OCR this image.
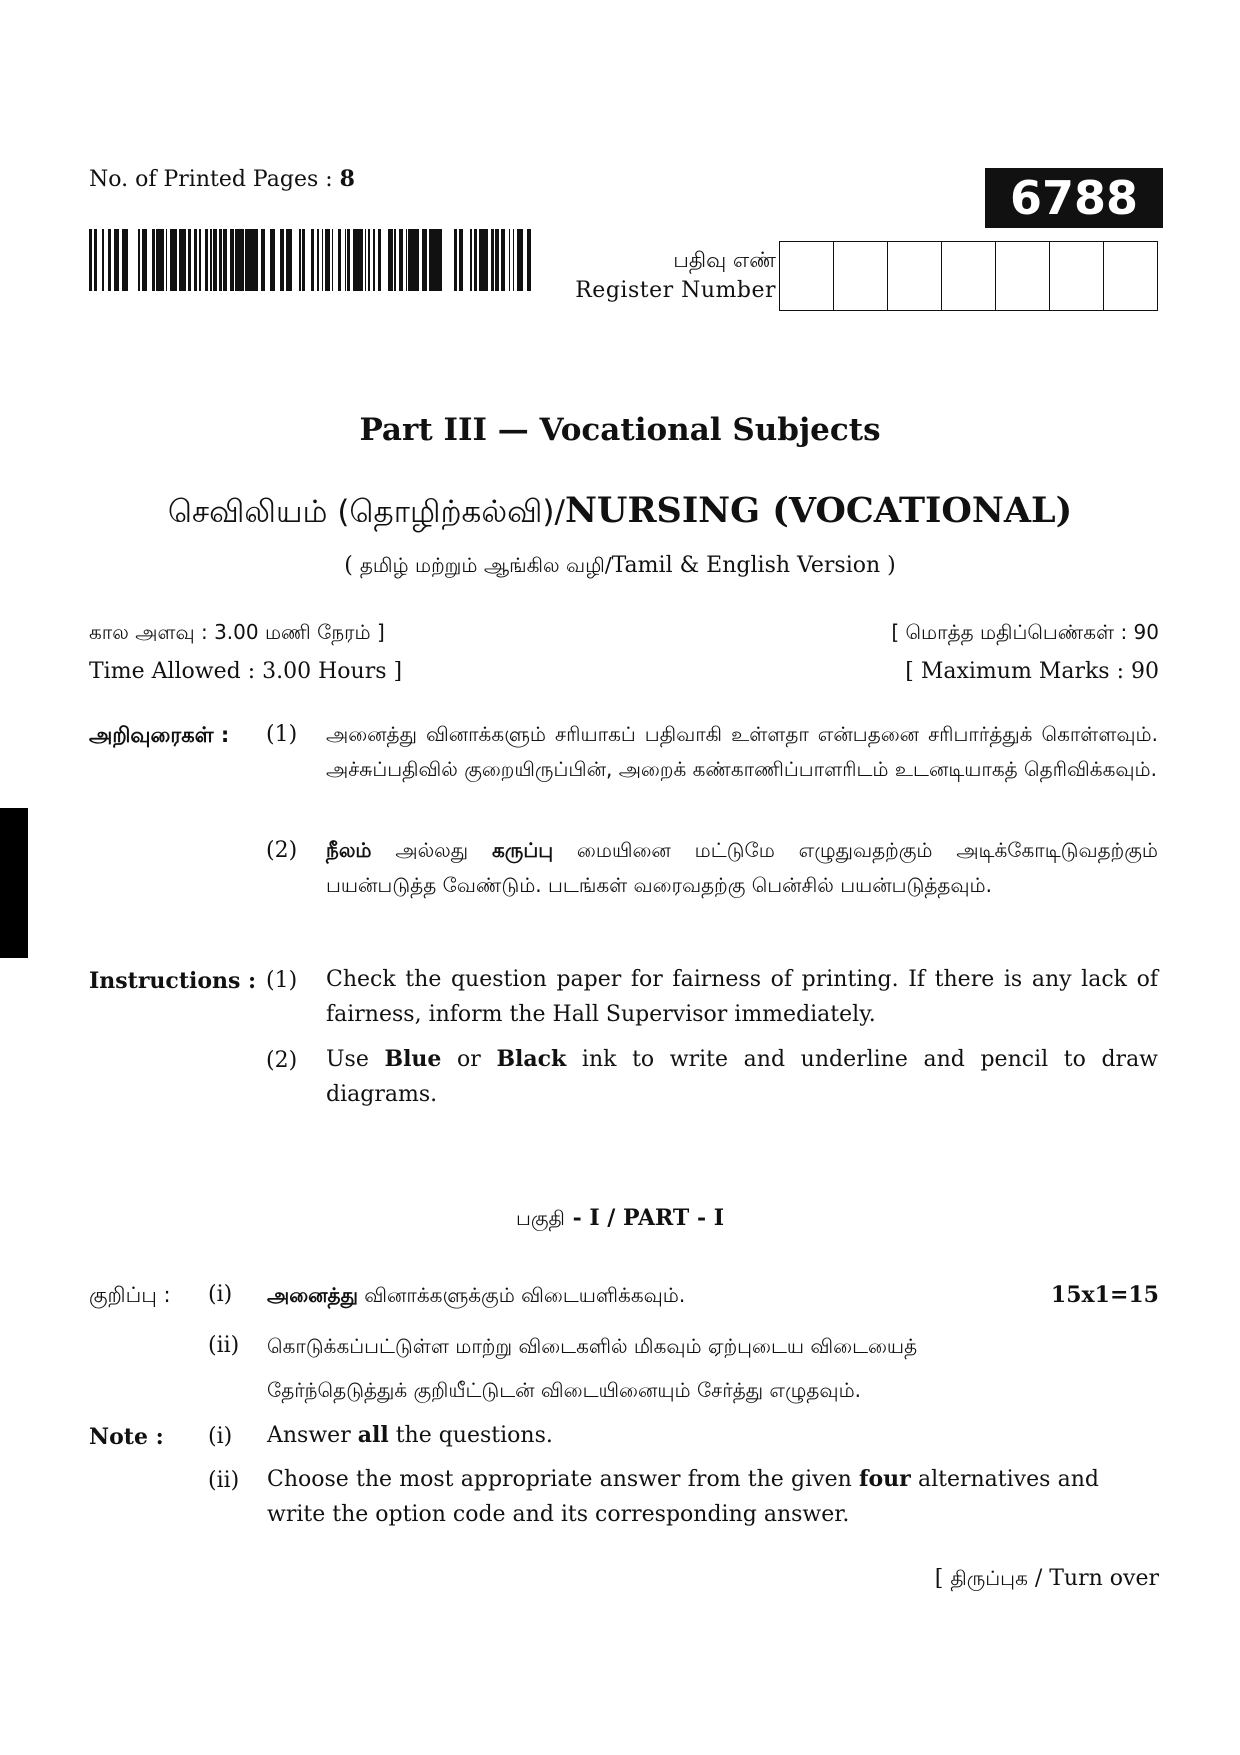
No. of Printed Pages : 8	6788
பதிவு எண்
Register Number
Part III — Vocational Subjects
செவிலியம் (தொழிற்கல்வி)/NURSING (VOCATIONAL)
( தமிழ் மற்றும் ஆங்கில வழி/Tamil & English Version )
கால அளவு : 3.00 மணி நேரம் ]	[ மொத்த மதிப்பெண்கள் : 90
Time Allowed : 3.00 Hours ]	[ Maximum Marks : 90
அறிவுரைகள் : (1) அனைத்து வினாக்களும் சரியாகப் பதிவாகி உள்ளதா என்பதனை சரிபார்த்துக் கொள்ளவும். அச்சுப்பதிவில் குறையிருப்பின், அறைக் கண்காணிப்பாளரிடம் உடனடியாகத் தெரிவிக்கவும்.
(2) நீலம் அல்லது கருப்பு மையினை மட்டுமே எழுதுவதற்கும் அடிக்கோடிடுவதற்கும் பயன்படுத்த வேண்டும். படங்கள் வரைவதற்கு பென்சில் பயன்படுத்தவும்.
Instructions : (1) Check the question paper for fairness of printing. If there is any lack of fairness, inform the Hall Supervisor immediately.
(2) Use Blue or Black ink to write and underline and pencil to draw diagrams.
பகுதி - I / PART - I
குறிப்பு : (i) அனைத்து வினாக்களுக்கும் விடையளிக்கவும்.	15x1=15
(ii) கொடுக்கப்பட்டுள்ள மாற்று விடைகளில் மிகவும் ஏற்புடைய விடையைத்
தேர்ந்தெடுத்துக் குறியீட்டுடன் விடையினையும் சேர்த்து எழுதவும்.
Note : (i) Answer all the questions.
(ii) Choose the most appropriate answer from the given four alternatives and write the option code and its corresponding answer.
[ திருப்புக / Turn over
